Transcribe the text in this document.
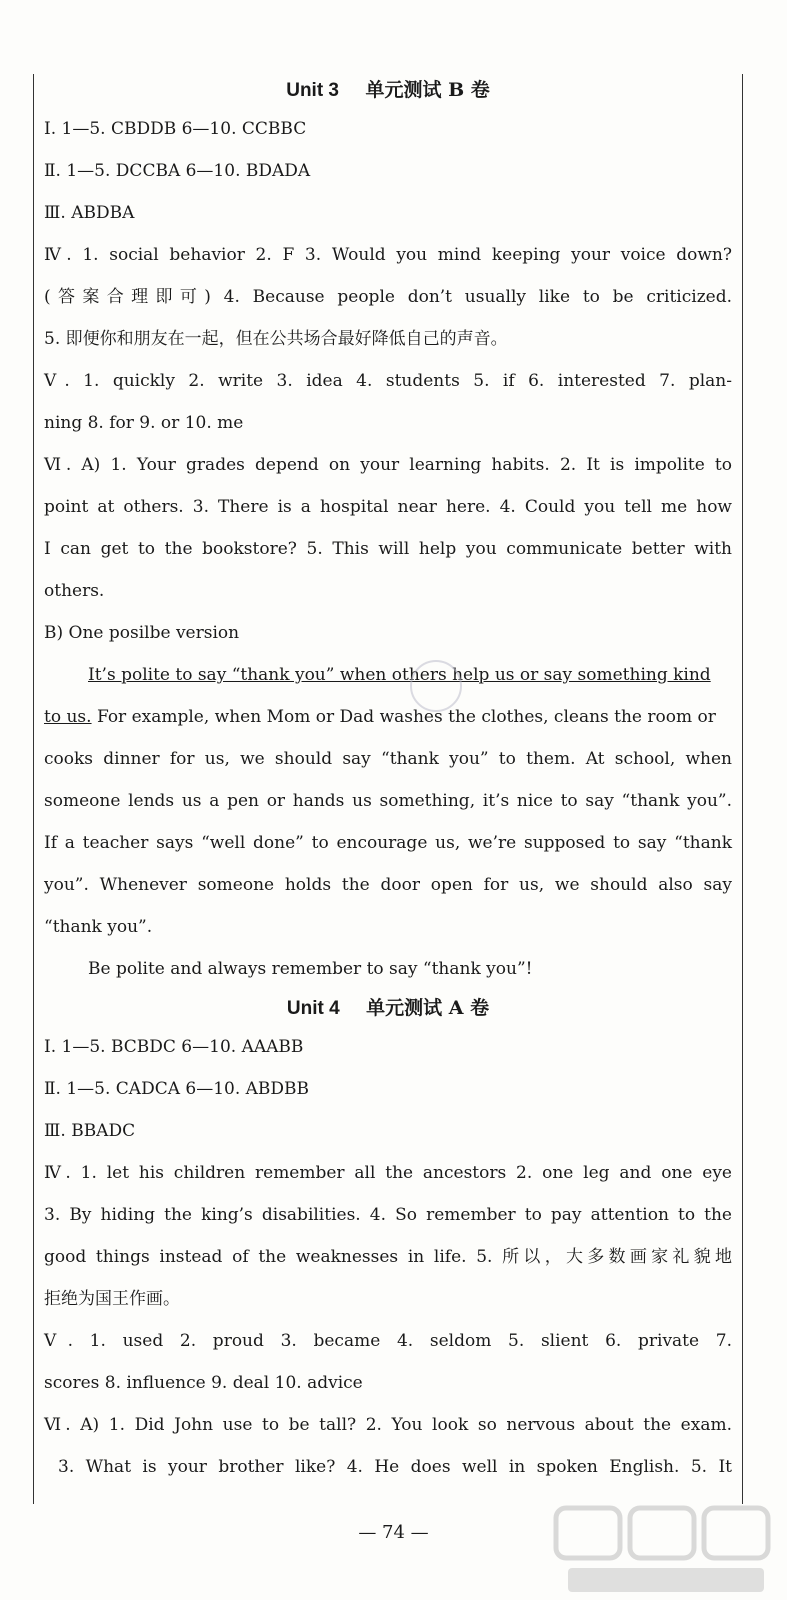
Unit 3 单元测试 B 卷
Ⅰ. 1—5. CBDDB 6—10. CCBBC
Ⅱ. 1—5. DCCBA 6—10. BDADA
Ⅲ. ABDBA
Ⅳ. 1. social behavior 2. F 3. Would you mind keeping your voice down?
(答案合理即可) 4. Because people don’t usually like to be criticized.
5. 即便你和朋友在一起，但在公共场合最好降低自己的声音。
Ⅴ. 1. quickly 2. write 3. idea 4. students 5. if 6. interested 7. plan-
ning 8. for 9. or 10. me
Ⅵ. A) 1. Your grades depend on your learning habits. 2. It is impolite to
point at others. 3. There is a hospital near here. 4. Could you tell me how
I can get to the bookstore? 5. This will help you communicate better with
others.
B) One posilbe version
It’s polite to say “thank you” when others help us or say something kind
to us. For example, when Mom or Dad washes the clothes, cleans the room or
cooks dinner for us, we should say “thank you” to them. At school, when
someone lends us a pen or hands us something, it’s nice to say “thank you”.
If a teacher says “well done” to encourage us, we’re supposed to say “thank
you”. Whenever someone holds the door open for us, we should also say
“thank you”.
Be polite and always remember to say “thank you”!
Unit 4 单元测试 A 卷
Ⅰ. 1—5. BCBDC 6—10. AAABB
Ⅱ. 1—5. CADCA 6—10. ABDBB
Ⅲ. BBADC
Ⅳ. 1. let his children remember all the ancestors 2. one leg and one eye
3. By hiding the king’s disabilities. 4. So remember to pay attention to the
good things instead of the weaknesses in life. 5. 所以，大多数画家礼貌地
拒绝为国王作画。
Ⅴ. 1. used 2. proud 3. became 4. seldom 5. slient 6. private 7.
scores 8. influence 9. deal 10. advice
Ⅵ. A) 1. Did John use to be tall? 2. You look so nervous about the exam.
3. What is your brother like? 4. He does well in spoken English. 5. It
— 74 —
